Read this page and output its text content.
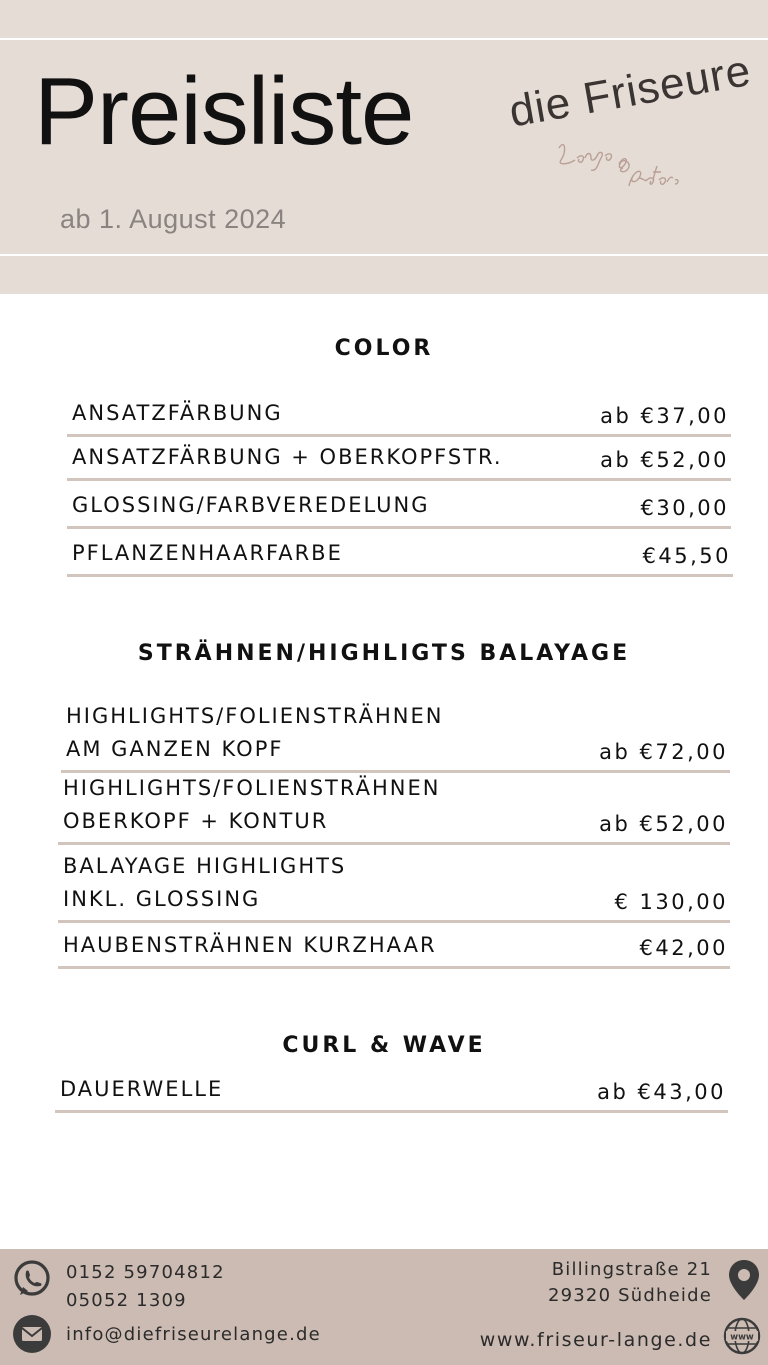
Preisliste
ab 1. August 2024
die Friseure
COLOR
ANSATZFÄRBUNG	ab €37,00
ANSATZFÄRBUNG + OBERKOPFSTR.	ab €52,00
GLOSSING/FARBVEREDELUNG	€30,00
PFLANZENHAARFARBE	€45,50
STRÄHNEN/HIGHLIGTS BALAYAGE
HIGHLIGHTS/FOLIENSTRÄHNEN
AM GANZEN KOPF	ab €72,00
HIGHLIGHTS/FOLIENSTRÄHNEN
OBERKOPF + KONTUR	ab €52,00
BALAYAGE HIGHLIGHTS
INKL. GLOSSING	€ 130,00
HAUBENSTRÄHNEN KURZHAAR	€42,00
CURL & WAVE
DAUERWELLE	ab €43,00
0152 59704812
05052 1309
info@diefriseurelange.de
Billingstraße 21
29320 Südheide
www.friseur-lange.de www
